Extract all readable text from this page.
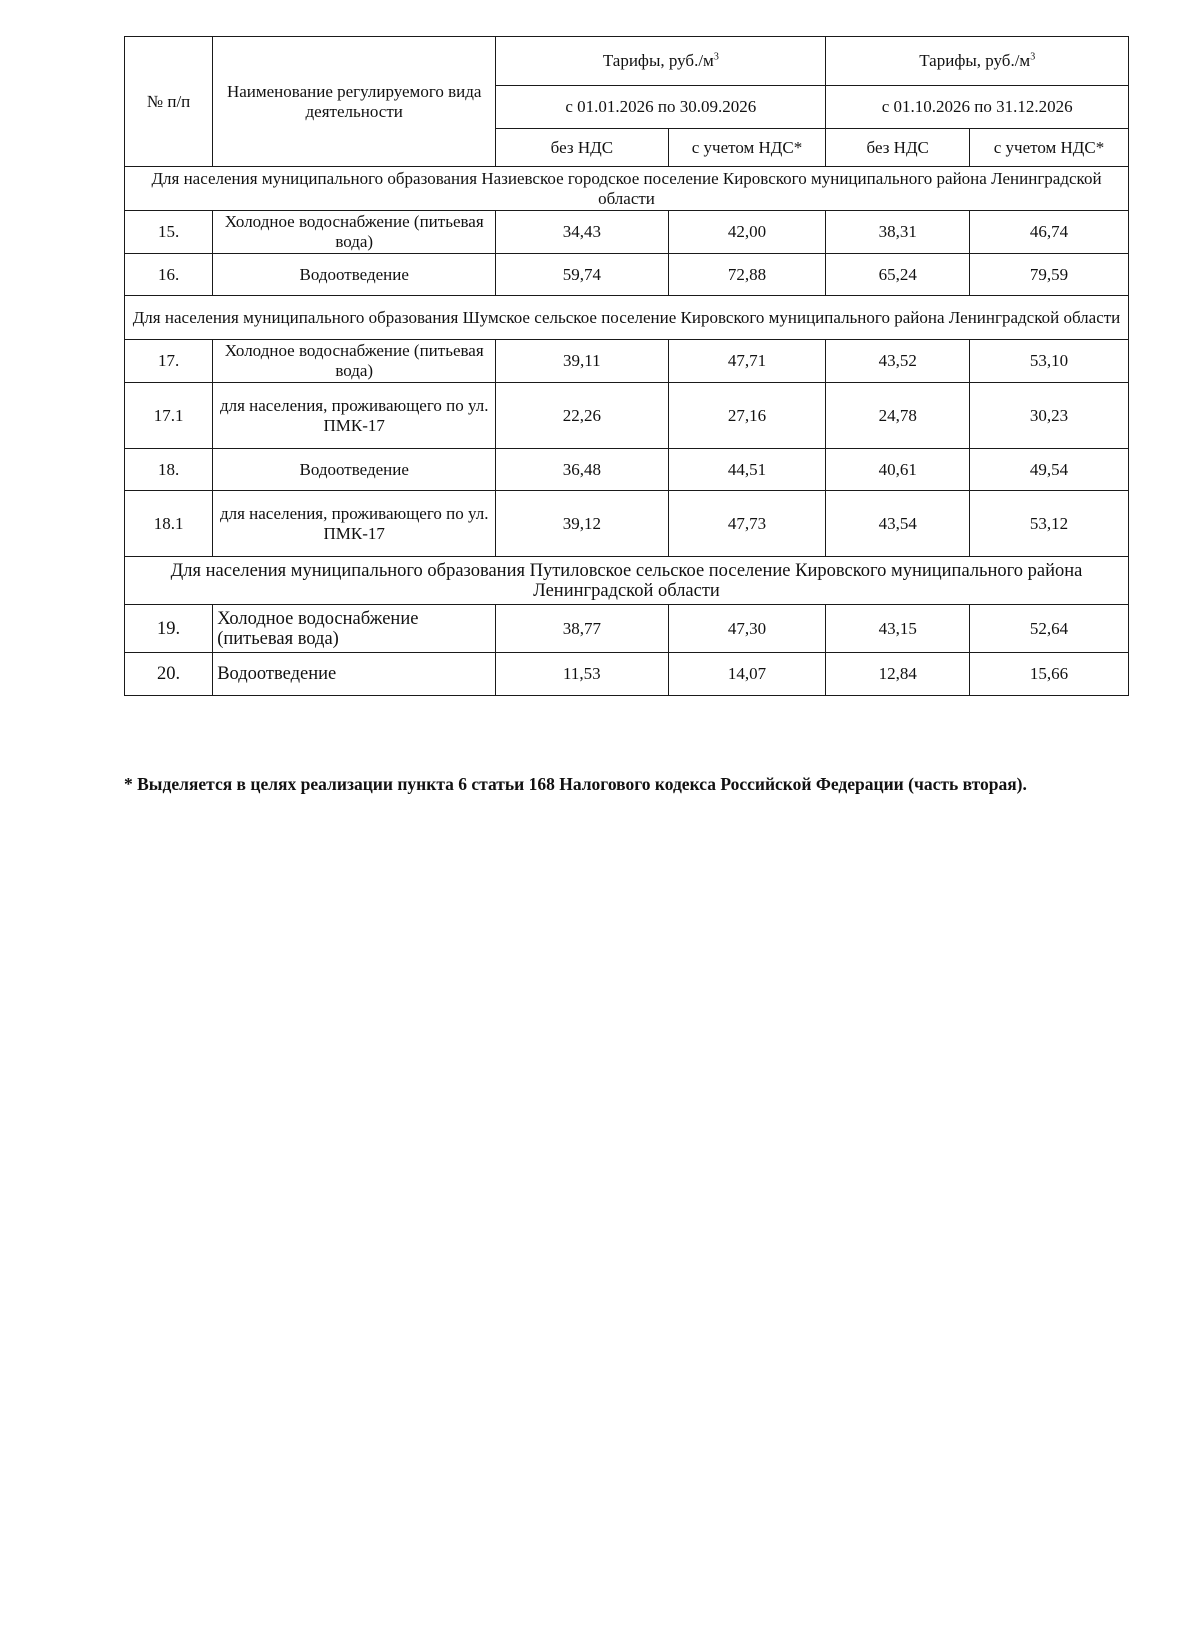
№ п/п	Наименование регулируемого вида деятельности	Тарифы, $руб./м^3$		Тарифы, $руб./м^3$
		с 01.01.2026 по 30.09.2026		с 01.10.2026 по 31.12.2026	
		без НДС	с учетом НДС*	без НДС	с учетом НДС*
Для населения муниципального образования Назиевское городское поселение Кировского муниципального района Ленинградской области					
15.	Холодное водоснабжение (питьевая вода)	34,43	42,00	38,31	46,74
16.	Водоотведение	59,74	72,88	65,24	79,59
Для населения муниципального образования Шумское сельское поселение Кировского муниципального района Ленинградской области					
17.	Холодное водоснабжение (питьевая вода)	39,11	47,71	43,52	53,10
17.1	для населения, проживающего по ул. ПМК-17	22,26	27,16	24,78	30,23
18.	Водоотведение	36,48	44,51	40,61	49,54
18.1	для населения, проживающего по ул. ПМК-17	39,12	47,73	43,54	53,12
Для населения муниципального образования Путиловское сельское поселение Кировского муниципального района Ленинградской области					
19.	Холодное водоснабжение (питьевая вода)	38,77	47,30	43,15	52,64
20.	Водоотведение	11,53	14,07	12,84	15,66
* Выделяется в целях реализации пункта 6 статьи 168 Налогового кодекса Российской Федерации (часть вторая).
